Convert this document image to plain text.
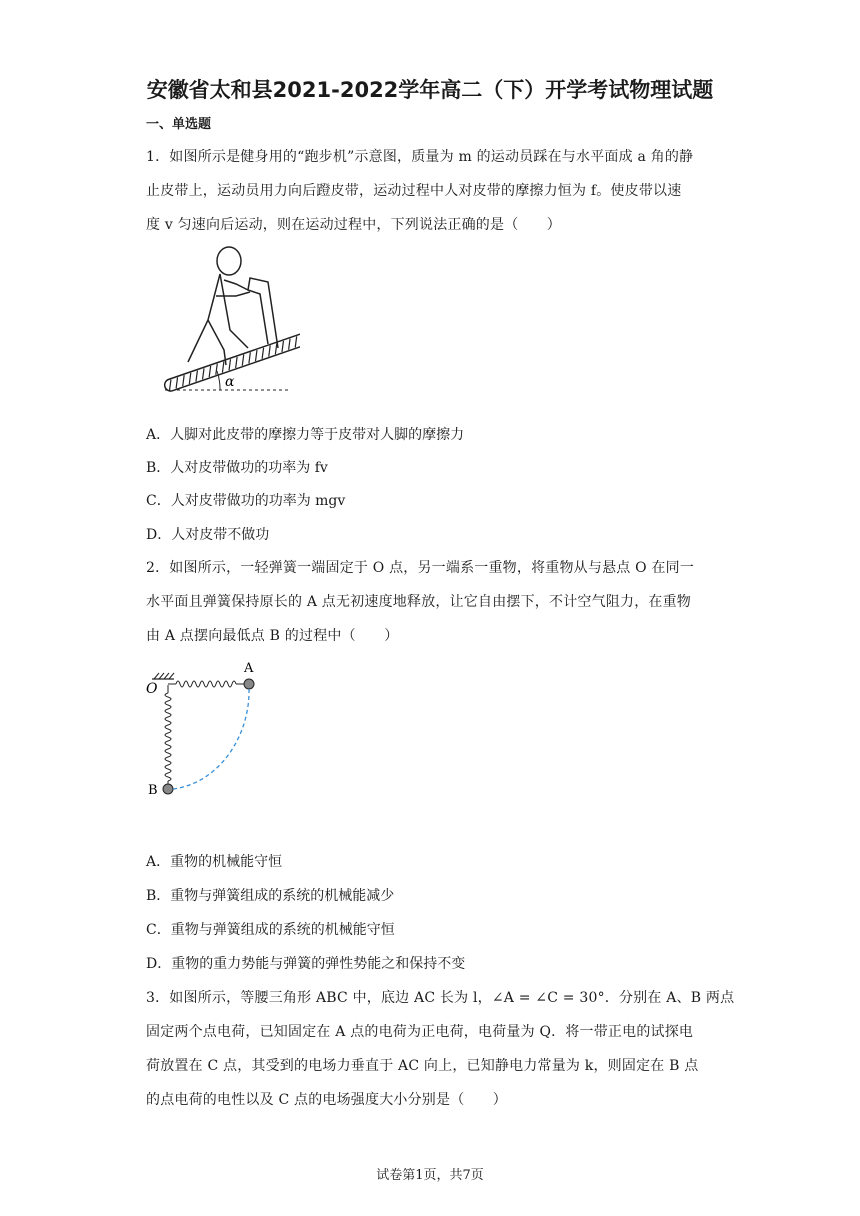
安徽省太和县2021-2022学年高二（下）开学考试物理试题
一、单选题
1．如图所示是健身用的“跑步机”示意图，质量为 m 的运动员踩在与水平面成 a 角的静
止皮带上，运动员用力向后蹬皮带，运动过程中人对皮带的摩擦力恒为 f。使皮带以速
度 v 匀速向后运动，则在运动过程中，下列说法正确的是（　　）
α
A．人脚对此皮带的摩擦力等于皮带对人脚的摩擦力
B．人对皮带做功的功率为 fv
C．人对皮带做功的功率为 mgv
D．人对皮带不做功
2．如图所示，一轻弹簧一端固定于 O 点，另一端系一重物，将重物从与悬点 O 在同一
水平面且弹簧保持原长的 A 点无初速度地释放，让它自由摆下，不计空气阻力，在重物
由 A 点摆向最低点 B 的过程中（　　）
O
A
B
A．重物的机械能守恒
B．重物与弹簧组成的系统的机械能减少
C．重物与弹簧组成的系统的机械能守恒
D．重物的重力势能与弹簧的弹性势能之和保持不变
3．如图所示，等腰三角形 ABC 中，底边 AC 长为 l，∠A = ∠C = 30°．分别在 A、B 两点
固定两个点电荷，已知固定在 A 点的电荷为正电荷，电荷量为 Q．将一带正电的试探电
荷放置在 C 点，其受到的电场力垂直于 AC 向上，已知静电力常量为 k，则固定在 B 点
的点电荷的电性以及 C 点的电场强度大小分别是（　　）
试卷第1页，共7页
